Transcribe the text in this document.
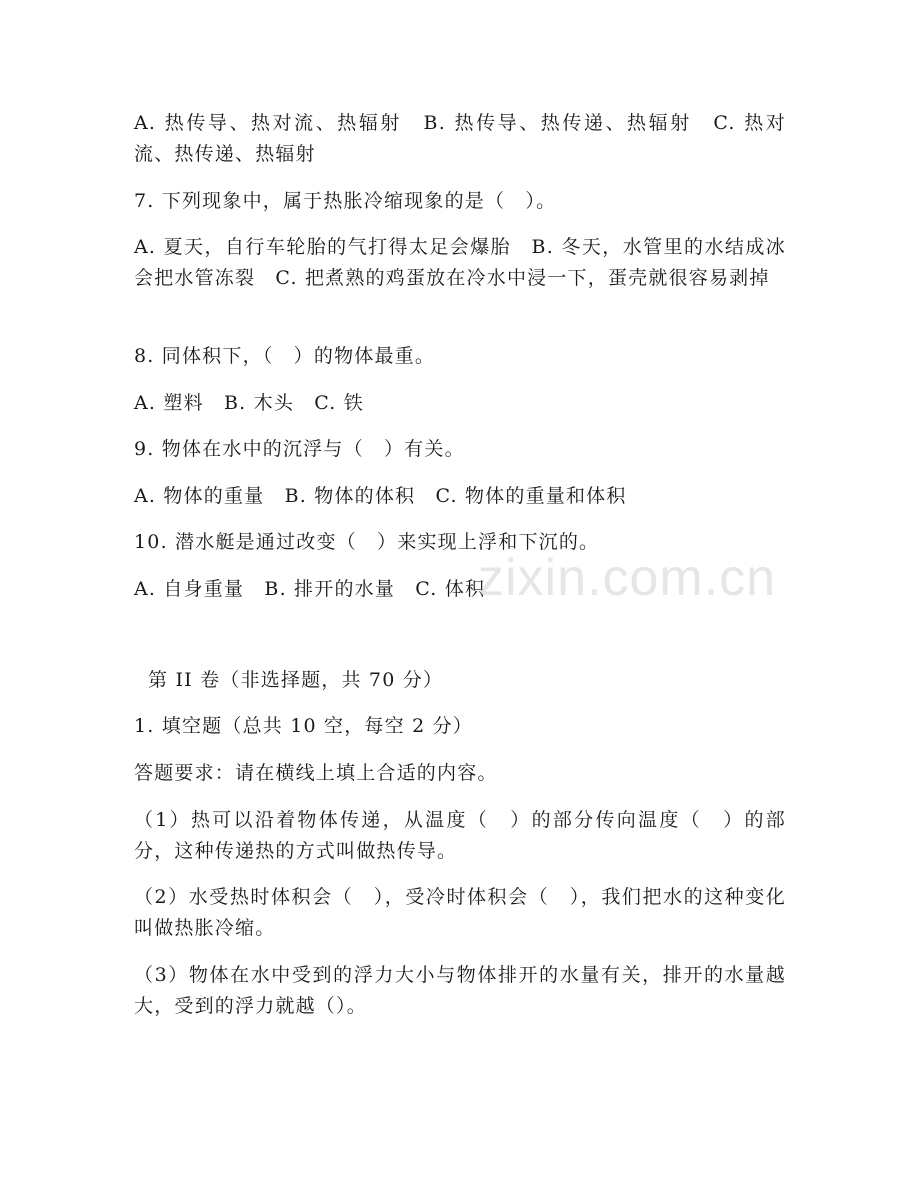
A. 热传导、热对流、热辐射　B. 热传导、热传递、热辐射　C. 热对流、热传递、热辐射
7. 下列现象中，属于热胀冷缩现象的是（　）。
A. 夏天，自行车轮胎的气打得太足会爆胎　B. 冬天，水管里的水结成冰会把水管冻裂　C. 把煮熟的鸡蛋放在冷水中浸一下，蛋壳就很容易剥掉
8. 同体积下，（　）的物体最重。
A. 塑料　B. 木头　C. 铁
9. 物体在水中的沉浮与（　）有关。
A. 物体的重量　B. 物体的体积　C. 物体的重量和体积
10. 潜水艇是通过改变（　）来实现上浮和下沉的。
A. 自身重量　B. 排开的水量　C. 体积
第 II 卷（非选择题，共 70 分）
1. 填空题（总共 10 空，每空 2 分）
答题要求：请在横线上填上合适的内容。
（1）热可以沿着物体传递，从温度（　）的部分传向温度（　）的部分，这种传递热的方式叫做热传导。
（2）水受热时体积会（　），受冷时体积会（　），我们把水的这种变化叫做热胀冷缩。
（3）物体在水中受到的浮力大小与物体排开的水量有关，排开的水量越大，受到的浮力就越（）。
zixin.com.cn
